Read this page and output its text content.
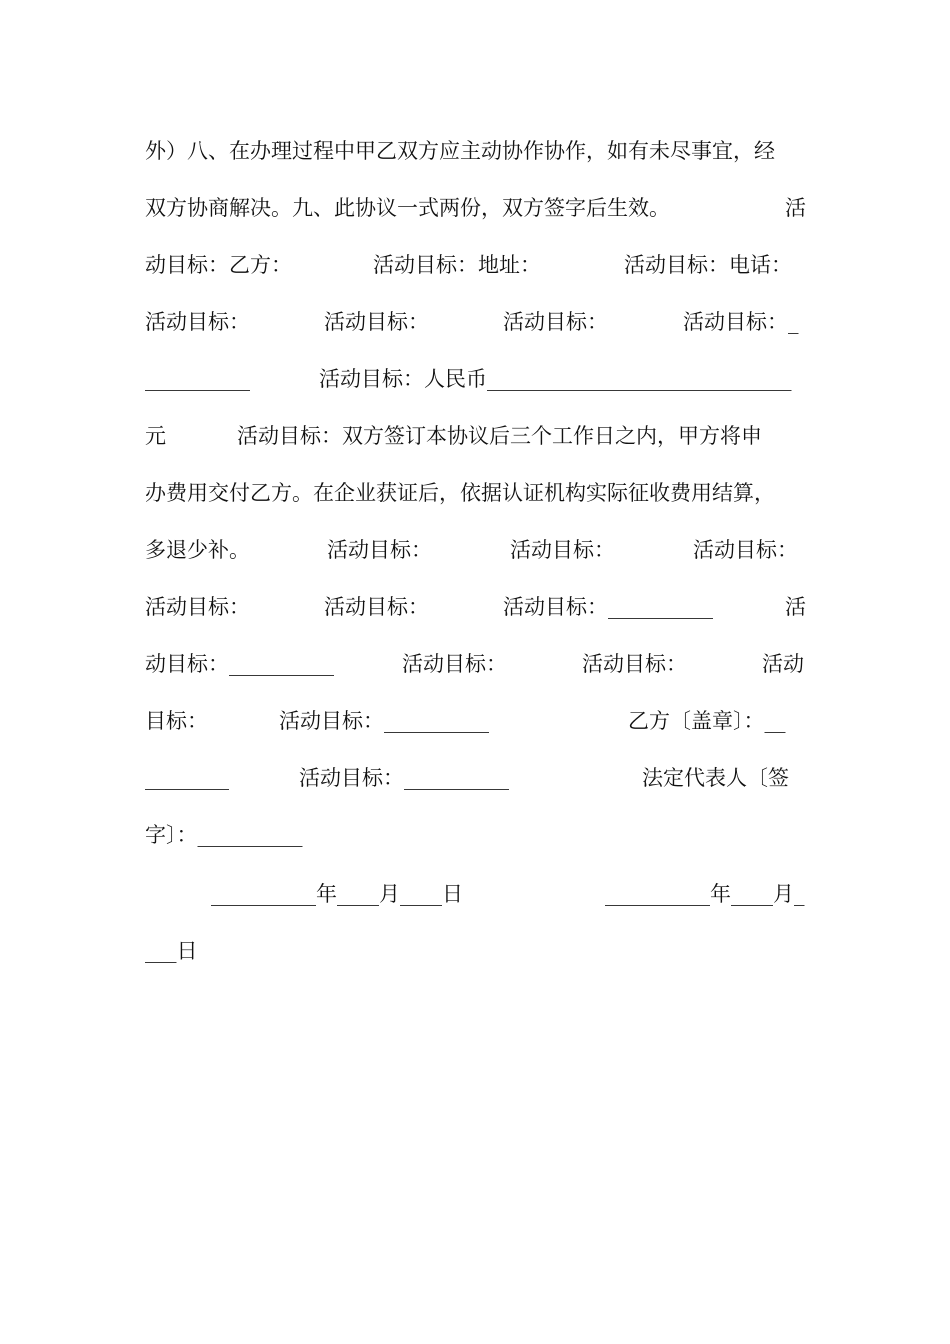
外）八、在办理过程中甲乙双方应主动协作协作，如有未尽事宜，经
双方协商解决。九、此协议一式两份，双方签字后生效。	活
动目标：乙方：	活动目标：地址：	活动目标：电话：
活动目标：	活动目标：	活动目标：	活动目标：_
__________	活动目标：人民币_____________________________
元	活动目标：双方签订本协议后三个工作日之内，甲方将申
办费用交付乙方。在企业获证后，依据认证机构实际征收费用结算，
多退少补。	活动目标：	活动目标：	活动目标：
活动目标：	活动目标：	活动目标：__________	活
动目标：__________	活动目标：	活动目标：	活动
目标：	活动目标：__________	乙方〔盖章〕：__
________	活动目标：__________	法定代表人〔签
字〕：__________
__________年____月____日	__________年____月_
___日
